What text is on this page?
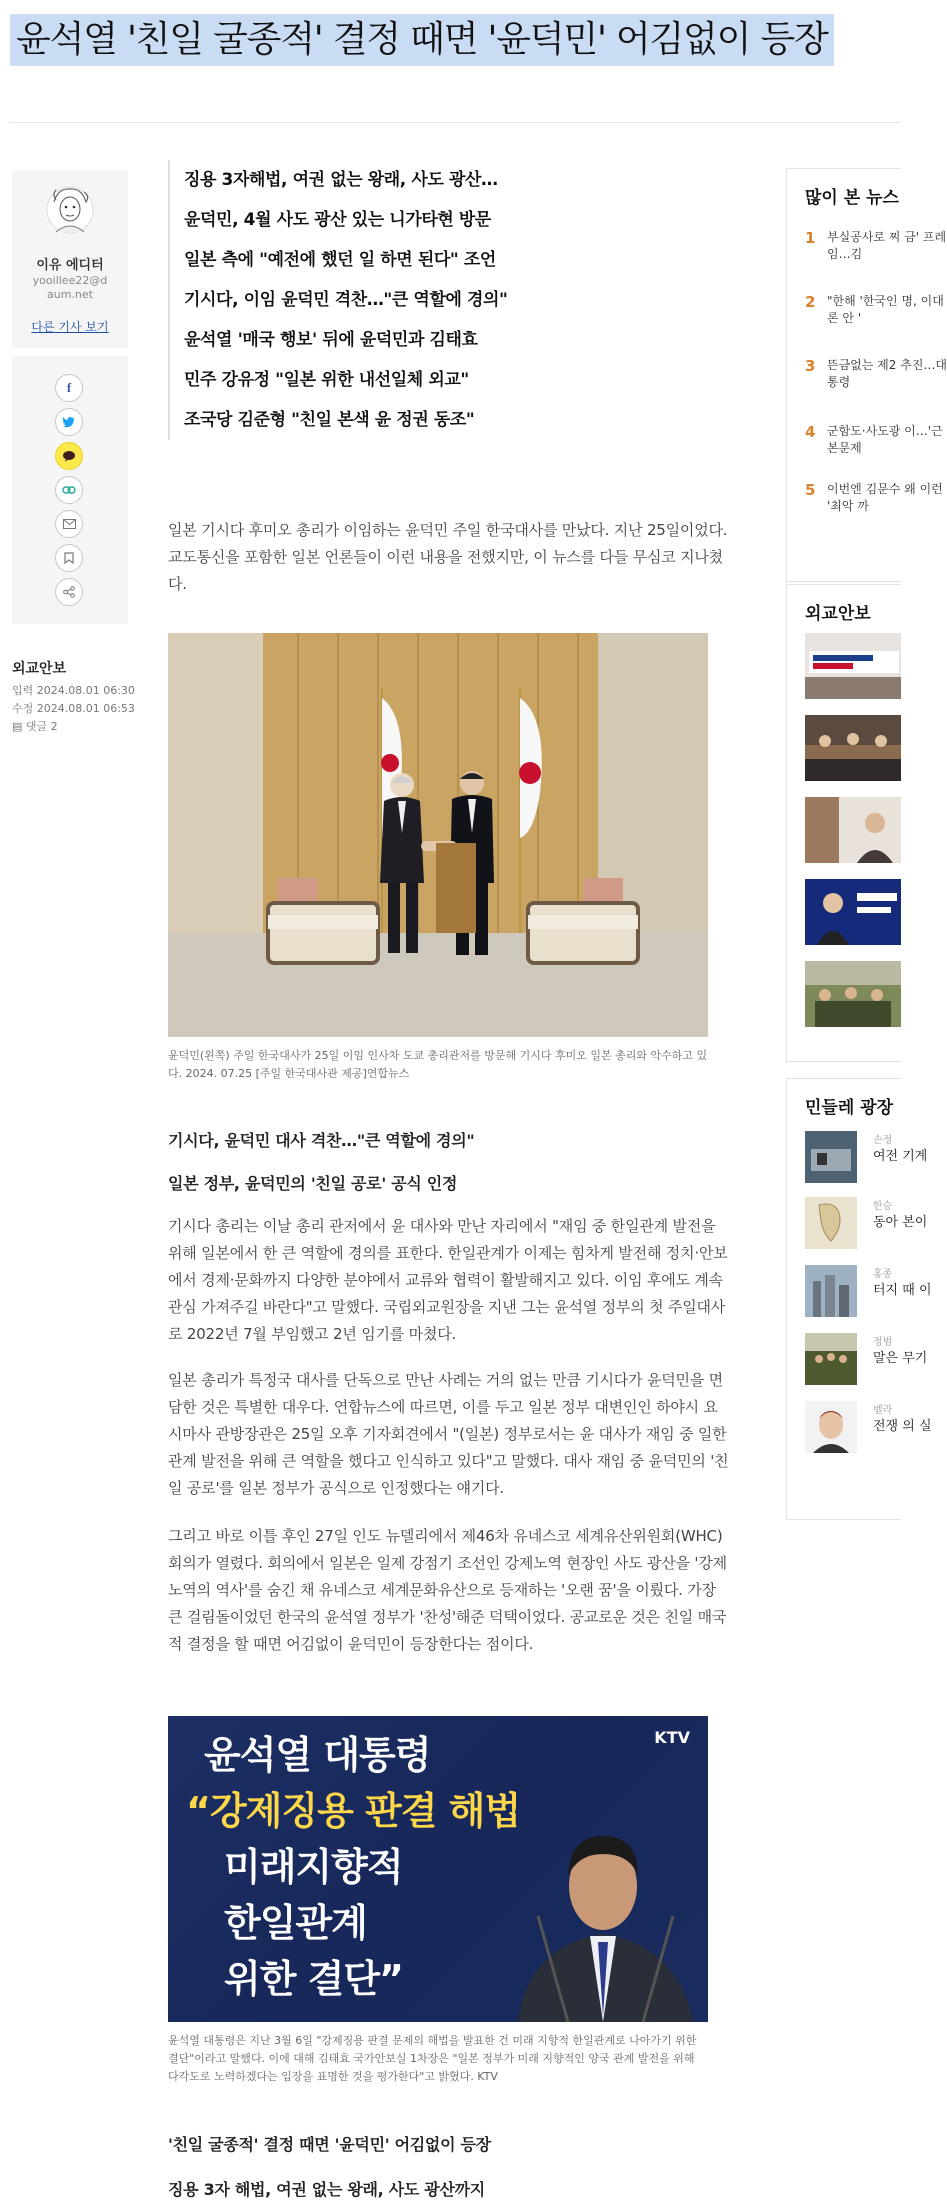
윤석열 '친일 굴종적' 결정 때면 '윤덕민' 어김없이 등장
이유 에디터
yooillee22@daum.net
다른 기사 보기
f
외교안보
입력 2024.08.01 06:30
수정 2024.08.01 06:53
▤ 댓글 2
징용 3자해법, 여권 없는 왕래, 사도 광산…
윤덕민, 4월 사도 광산 있는 니가타현 방문
일본 측에 "예전에 했던 일 하면 된다" 조언
기시다, 이임 윤덕민 격찬…"큰 역할에 경의"
윤석열 '매국 행보' 뒤에 윤덕민과 김태효
민주 강유정 "일본 위한 내선일체 외교"
조국당 김준형 "친일 본색 윤 정권 동조"
일본 기시다 후미오 총리가 이임하는 윤덕민 주일 한국대사를 만났다. 지난 25일이었다. 교도통신을 포함한 일본 언론들이 이런 내용을 전했지만, 이 뉴스를 다들 무심코 지나쳤다.
윤덕민(왼쪽) 주일 한국대사가 25일 이임 인사차 도쿄 총리관저를 방문해 기시다 후미오 일본 총리와 악수하고 있다. 2024. 07.25 [주일 한국대사관 제공]연합뉴스
기시다, 윤덕민 대사 격찬…"큰 역할에 경의"
일본 정부, 윤덕민의 '친일 공로' 공식 인정
기시다 총리는 이날 총리 관저에서 윤 대사와 만난 자리에서 "재임 중 한일관계 발전을 위해 일본에서 한 큰 역할에 경의를 표한다. 한일관계가 이제는 힘차게 발전해 정치·안보에서 경제·문화까지 다양한 분야에서 교류와 협력이 활발해지고 있다. 이임 후에도 계속 관심 가져주길 바란다"고 말했다. 국립외교원장을 지낸 그는 윤석열 정부의 첫 주일대사로 2022년 7월 부임했고 2년 임기를 마쳤다.
일본 총리가 특정국 대사를 단독으로 만난 사례는 거의 없는 만큼 기시다가 윤덕민을 면담한 것은 특별한 대우다. 연합뉴스에 따르면, 이를 두고 일본 정부 대변인인 하야시 요시마사 관방장관은 25일 오후 기자회견에서 "(일본) 정부로서는 윤 대사가 재임 중 일한 관계 발전을 위해 큰 역할을 했다고 인식하고 있다"고 말했다. 대사 재임 중 윤덕민의 '친일 공로'를 일본 정부가 공식으로 인정했다는 얘기다.
그리고 바로 이틀 후인 27일 인도 뉴델리에서 제46차 유네스코 세계유산위원회(WHC) 회의가 열렸다. 회의에서 일본은 일제 강점기 조선인 강제노역 현장인 사도 광산을 '강제노역의 역사'를 숨긴 채 유네스코 세계문화유산으로 등재하는 '오랜 꿈'을 이뤘다. 가장 큰 걸림돌이었던 한국의 윤석열 정부가 '찬성'해준 덕택이었다. 공교로운 것은 친일 매국적 결정을 할 때면 어김없이 윤덕민이 등장한다는 점이다.
KTV
윤석열 대통령
“강제징용 판결 해법
미래지향적
한일관계
위한 결단”
윤석열 대통령은 지난 3월 6일 "강제징용 판결 문제의 해법을 발표한 건 미래 지향적 한일관계로 나아가기 위한 결단"이라고 말했다. 이에 대해 김태효 국가안보실 1차장은 "일본 정부가 미래 지향적인 양국 관계 발전을 위해 다각도로 노력하겠다는 입장을 표명한 것을 평가한다"고 밝혔다. KTV
'친일 굴종적' 결정 때면 '윤덕민' 어김없이 등장
징용 3자 해법, 여권 없는 왕래, 사도 광산까지
많이 본 뉴스
1 부실공사로 찌 금' 프레임…김
2 "한해 '한국인 명, 이대론 안 '
3 뜬금없는 제2 추진…대통령
4 군함도·사도광 이…'근본문제
5 이번엔 김문수 왜 이런 '최악 까
외교안보
민들레 광장
손정
여전 기계
한승
동아 본이
홍종
터지 때 이
정범
말은 무기
벨라
전쟁 의 실
